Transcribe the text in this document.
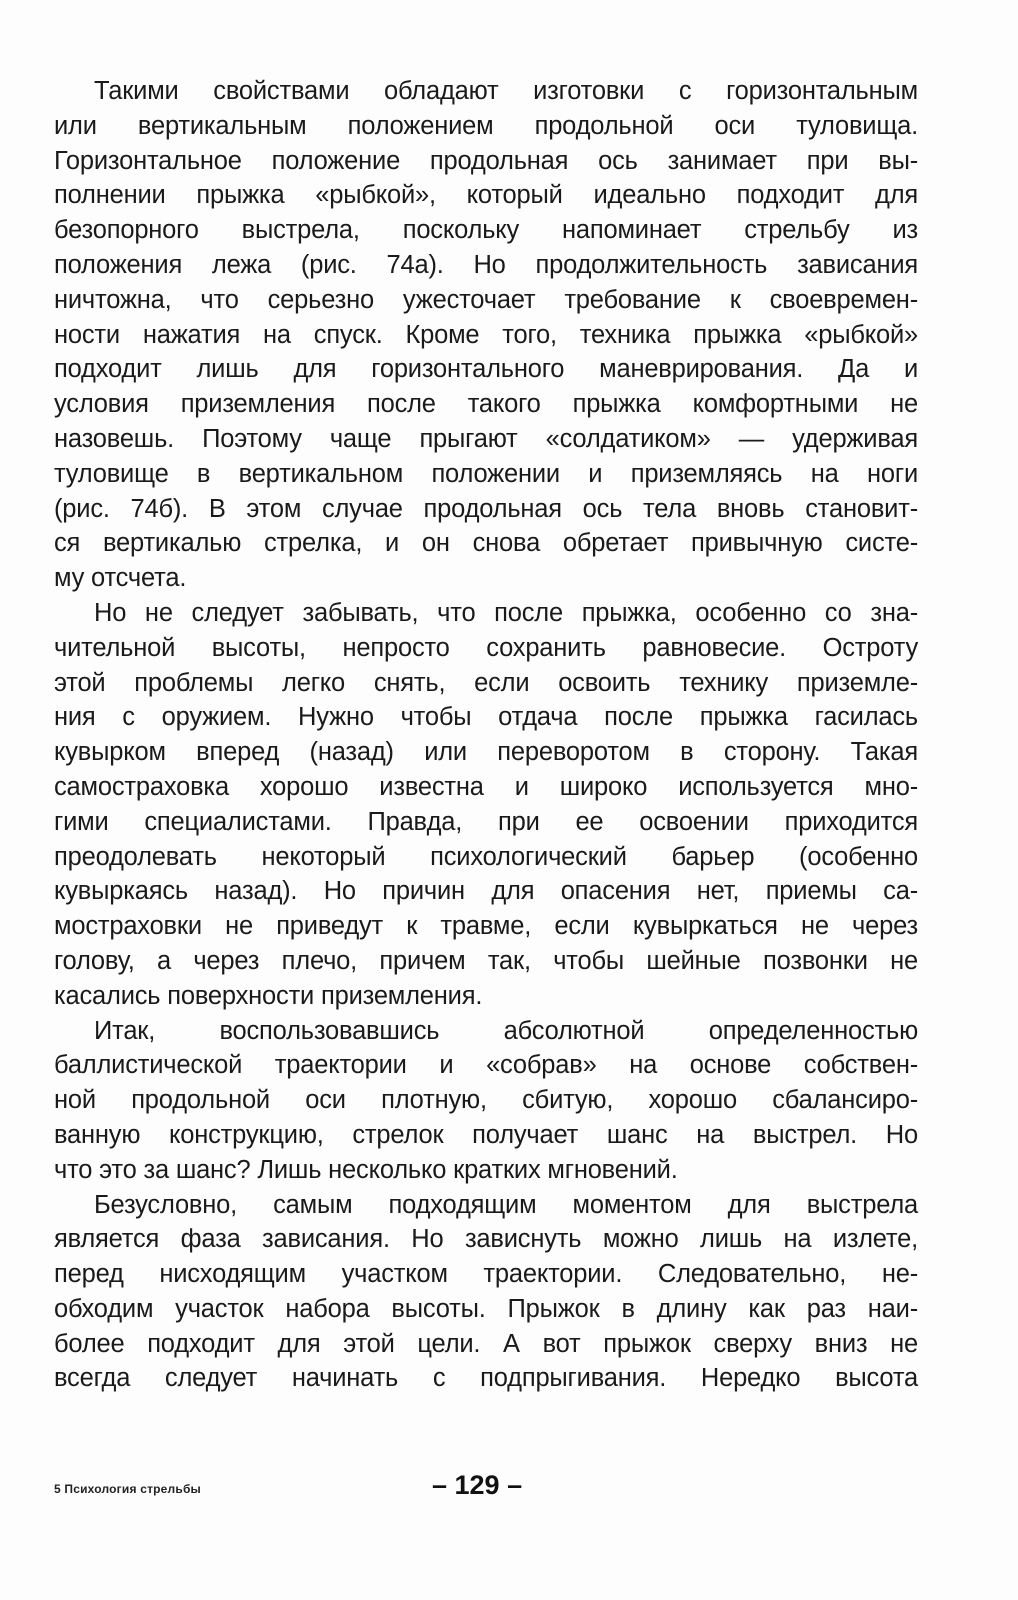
Такими свойствами обладают изготовки с горизонтальным
или вертикальным положением продольной оси туловища.
Горизонтальное положение продольная ось занимает при вы-
полнении прыжка «рыбкой», который идеально подходит для
безопорного выстрела, поскольку напоминает стрельбу из
положения лежа (рис. 74а). Но продолжительность зависания
ничтожна, что серьезно ужесточает требование к своевремен-
ности нажатия на спуск. Кроме того, техника прыжка «рыбкой»
подходит лишь для горизонтального маневрирования. Да и
условия приземления после такого прыжка комфортными не
назовешь. Поэтому чаще прыгают «солдатиком» — удерживая
туловище в вертикальном положении и приземляясь на ноги
(рис. 74б). В этом случае продольная ось тела вновь становит-
ся вертикалью стрелка, и он снова обретает привычную систе-
му отсчета.

Но не следует забывать, что после прыжка, особенно со зна-
чительной высоты, непросто сохранить равновесие. Остроту
этой проблемы легко снять, если освоить технику приземле-
ния с оружием. Нужно чтобы отдача после прыжка гасилась
кувырком вперед (назад) или переворотом в сторону. Такая
самостраховка хорошо известна и широко используется мно-
гими специалистами. Правда, при ее освоении приходится
преодолевать некоторый психологический барьер (особенно
кувыркаясь назад). Но причин для опасения нет, приемы са-
мостраховки не приведут к травме, если кувыркаться не через
голову, а через плечо, причем так, чтобы шейные позвонки не
касались поверхности приземления.

Итак, воспользовавшись абсолютной определенностью
баллистической траектории и «собрав» на основе собствен-
ной продольной оси плотную, сбитую, хорошо сбалансиро-
ванную конструкцию, стрелок получает шанс на выстрел. Но
что это за шанс? Лишь несколько кратких мгновений.

Безусловно, самым подходящим моментом для выстрела
является фаза зависания. Но зависнуть можно лишь на излете,
перед нисходящим участком траектории. Следовательно, не-
обходим участок набора высоты. Прыжок в длину как раз наи-
более подходит для этой цели. А вот прыжок сверху вниз не
всегда следует начинать с подпрыгивания. Нередко высота

5 Психология стрельбы	– 129 –
